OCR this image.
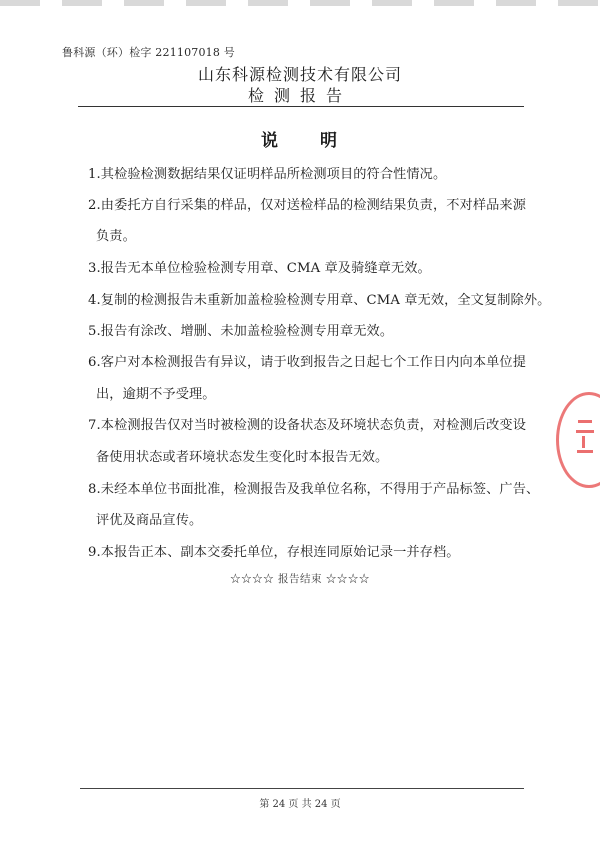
鲁科源（环）检字 221107018 号
山东科源检测技术有限公司
检测报告
说 明
1.其检验检测数据结果仅证明样品所检测项目的符合性情况。
2.由委托方自行采集的样品，仅对送检样品的检测结果负责，不对样品来源
负责。
3.报告无本单位检验检测专用章、CMA 章及骑缝章无效。
4.复制的检测报告未重新加盖检验检测专用章、CMA 章无效，全文复制除外。
5.报告有涂改、增删、未加盖检验检测专用章无效。
6.客户对本检测报告有异议，请于收到报告之日起七个工作日内向本单位提
出，逾期不予受理。
7.本检测报告仅对当时被检测的设备状态及环境状态负责，对检测后改变设
备使用状态或者环境状态发生变化时本报告无效。
8.未经本单位书面批准，检测报告及我单位名称，不得用于产品标签、广告、
评优及商品宣传。
9.本报告正本、副本交委托单位，存根连同原始记录一并存档。
☆☆☆☆ 报告结束 ☆☆☆☆
第 24 页 共 24 页
